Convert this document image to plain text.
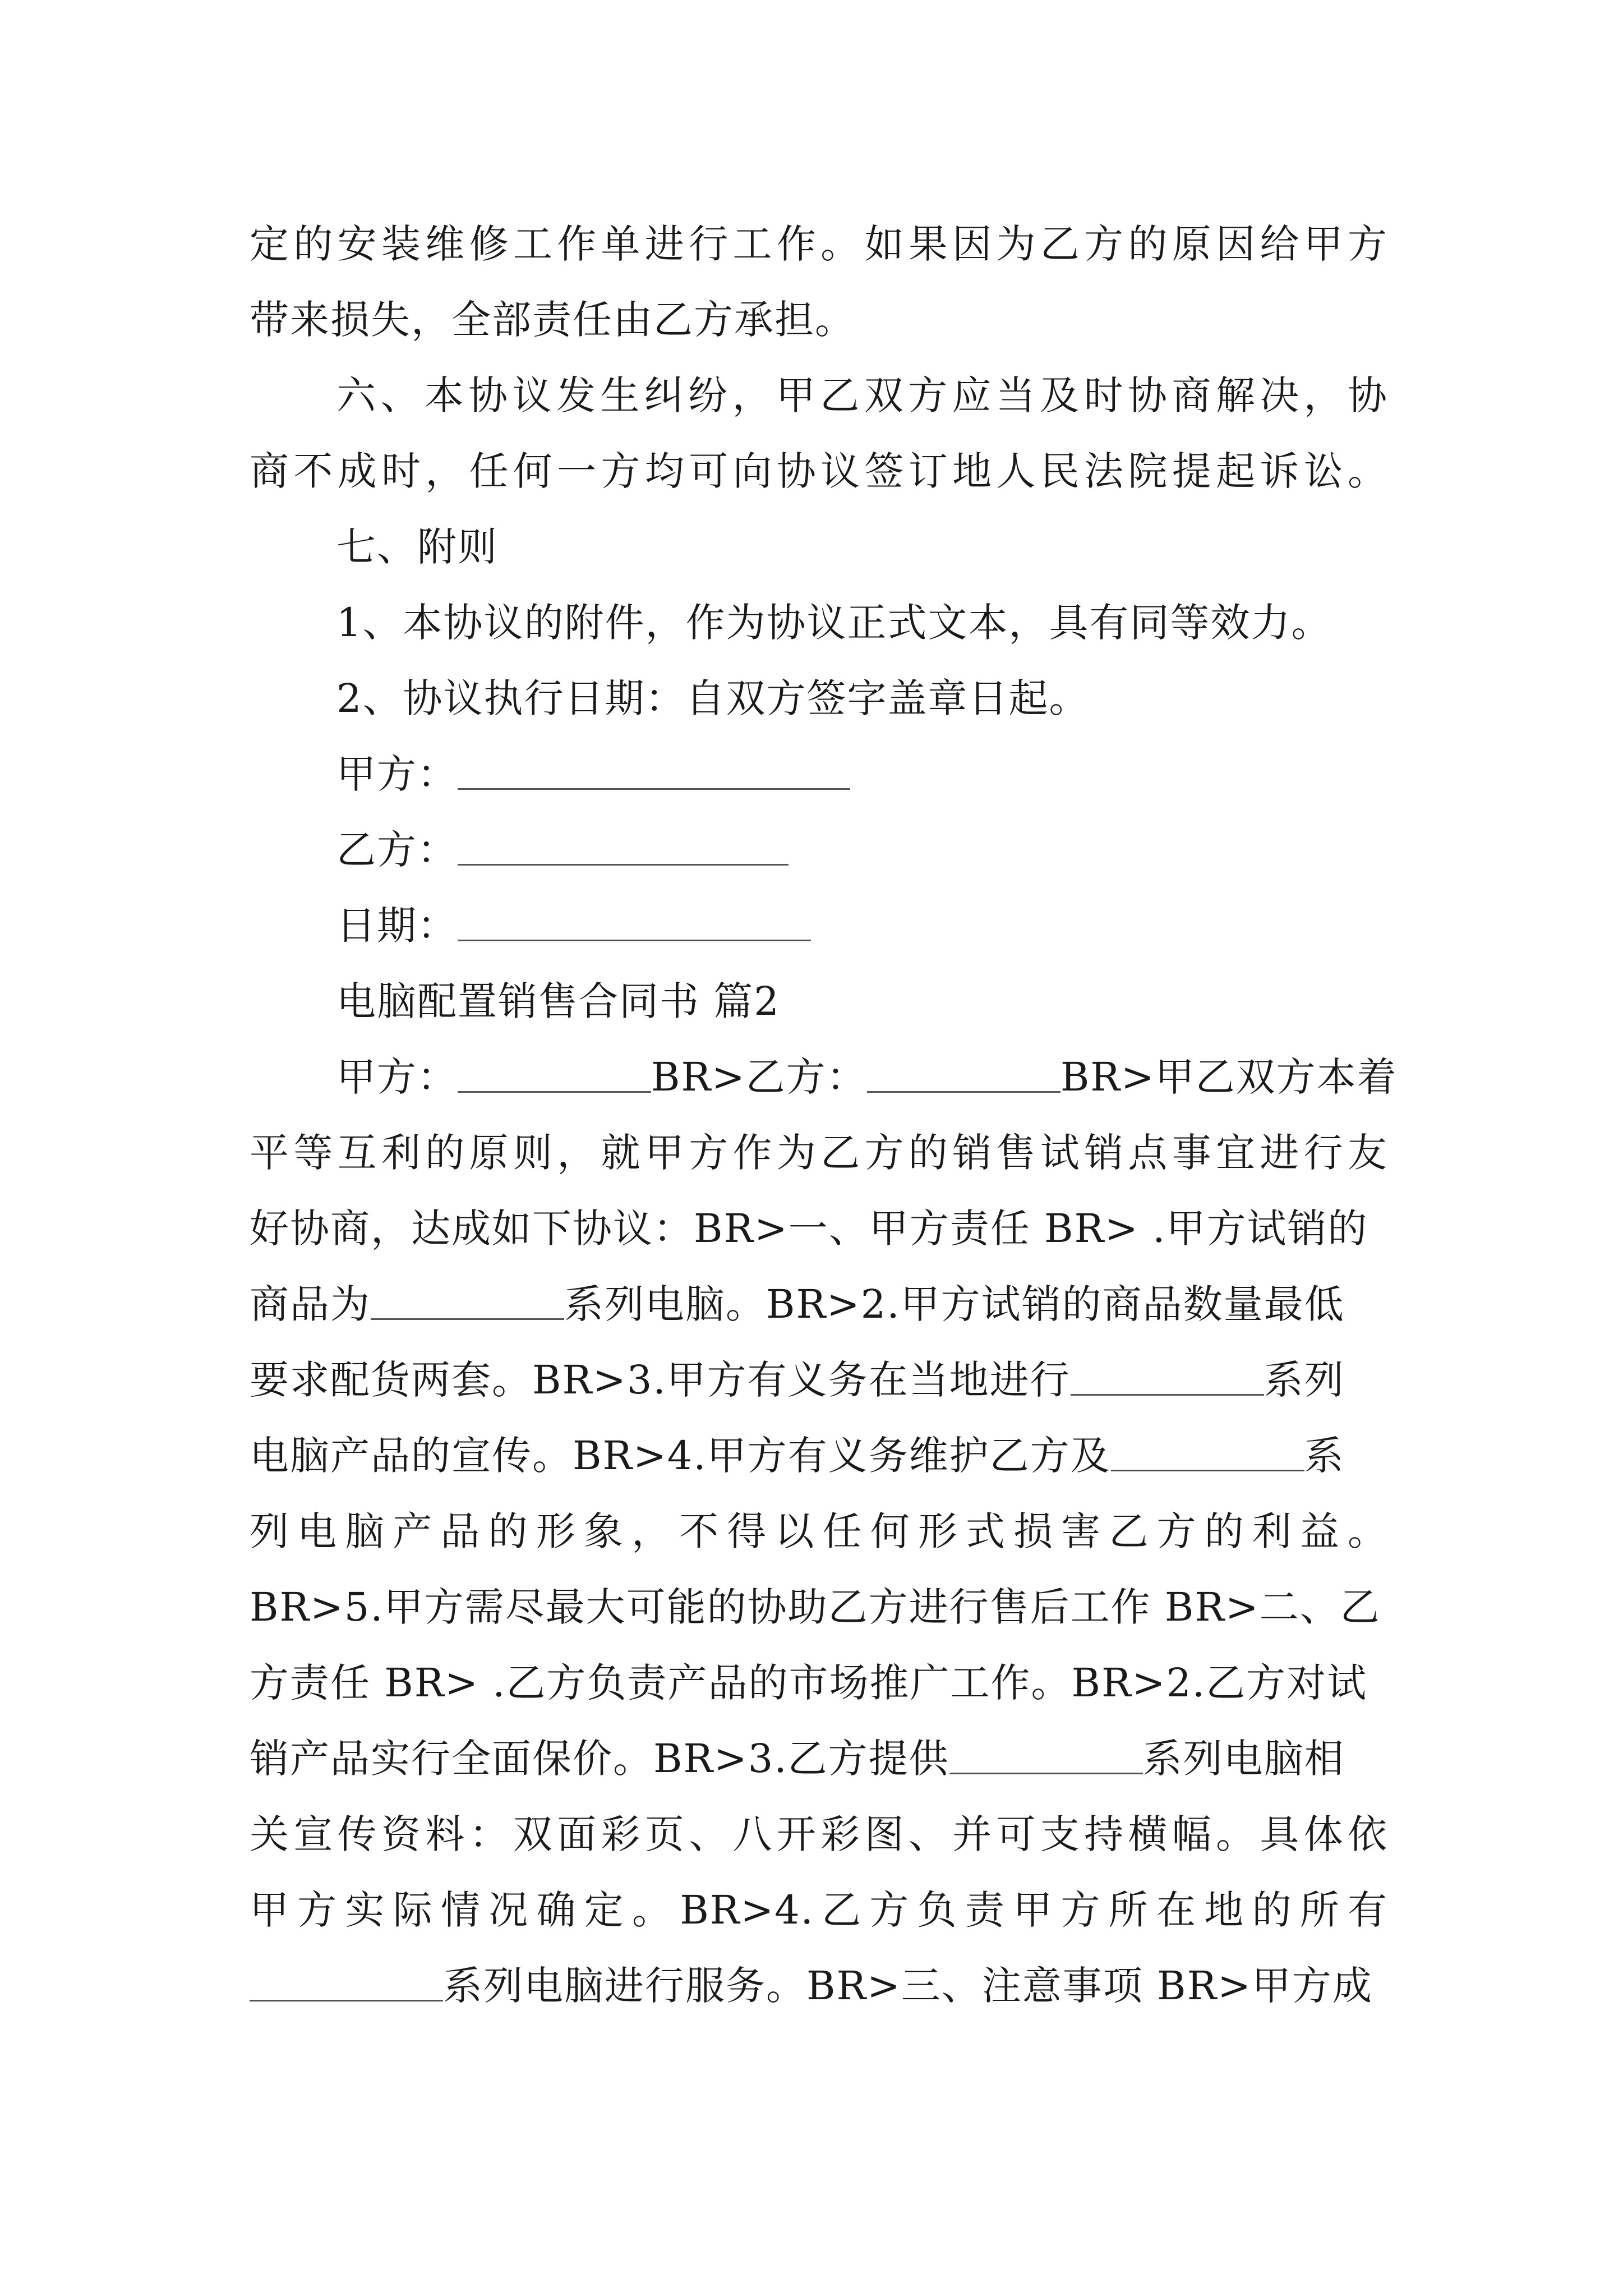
定的安装维修工作单进行工作。如果因为乙方的原因给甲方
带来损失，全部责任由乙方承担。
六、本协议发生纠纷，甲乙双方应当及时协商解决，协
商不成时，任何一方均可向协议签订地人民法院提起诉讼。
七、附则
1、本协议的附件，作为协议正式文本，具有同等效力。
2、协议执行日期：自双方签字盖章日起。
甲方：
乙方：
日期：
电脑配置销售合同书 篇2
甲方：	BR>乙方：	BR>甲乙双方本着
平等互利的原则，就甲方作为乙方的销售试销点事宜进行友
好协商，达成如下协议：BR>一、甲方责任 BR> .甲方试销的
商品为	系列电脑。BR>2.甲方试销的商品数量最低
要求配货两套。BR>3.甲方有义务在当地进行	系列
电脑产品的宣传。BR>4.甲方有义务维护乙方及	系
列电脑产品的形象，不得以任何形式损害乙方的利益。
BR>5.甲方需尽最大可能的协助乙方进行售后工作 BR>二、乙
方责任 BR> .乙方负责产品的市场推广工作。BR>2.乙方对试
销产品实行全面保价。BR>3.乙方提供	系列电脑相
关宣传资料：双面彩页、八开彩图、并可支持横幅。具体依
甲方实际情况确定。BR>4.乙方负责甲方所在地的所有
系列电脑进行服务。BR>三、注意事项 BR>甲方成
